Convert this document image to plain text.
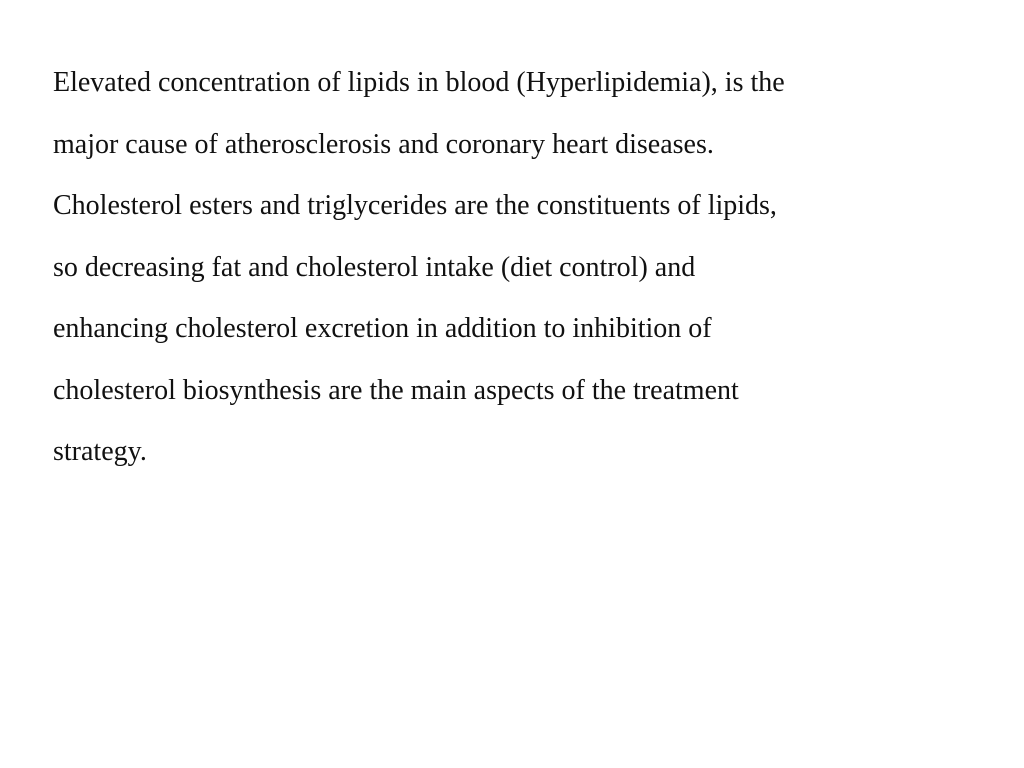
Elevated concentration of lipids in blood (Hyperlipidemia), is the
major cause of atherosclerosis and coronary heart diseases.
Cholesterol esters and triglycerides are the constituents of lipids,
so decreasing fat and cholesterol intake (diet control) and
enhancing cholesterol excretion in addition to inhibition of
cholesterol biosynthesis are the main aspects of the treatment
strategy.
